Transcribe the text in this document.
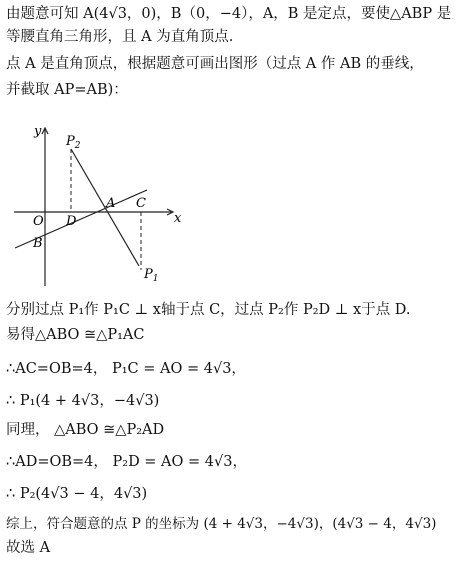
由题意可知 A(4√3，0)，B（0，−4），A，B 是定点，要使△ABP 是
等腰直角三角形，且 A 为直角顶点.
点 A 是直角顶点，根据题意可画出图形（过点 A 作 AB 的垂线，
并截取 AP=AB)：
y
x
O D
A C
B
$P_2$
$P_1$
分别过点 P₁作 P₁C ⊥ x轴于点 C，过点 P₂作 P₂D ⊥ x于点 D.
易得△ABO ≅△P₁AC
∴AC=OB=4， P₁C = AO = 4√3，
∴ P₁(4 + 4√3，−4√3)
同理， △ABO ≅△P₂AD
∴AD=OB=4， P₂D = AO = 4√3，
∴ P₂(4√3 − 4，4√3)
综上，符合题意的点 P 的坐标为 (4 + 4√3，−4√3)，(4√3 − 4，4√3)
故选 A
